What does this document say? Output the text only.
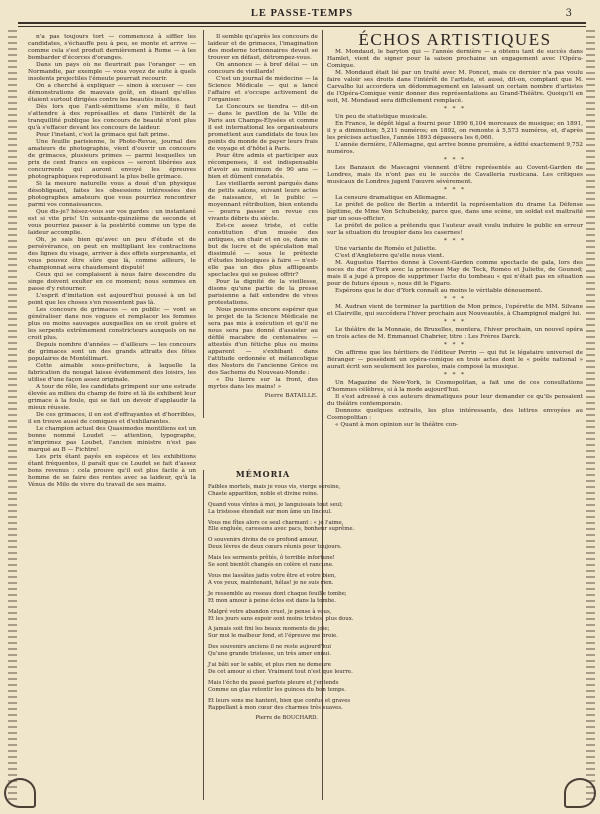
LE PASSE-TEMPS	3

n'a pas toujours tort — commencez à siffler les candidates, s'échauffe peu à peu, se monte et arrive — comme cela s'est produit dernièrement à Rome — à les bombarder d'écorces d'oranges.

Dans un pays où ne fleurirait pas l'oranger — en Normandie, par exemple — vous voyez de suite à quels insolents projectiles l'émeute pourrait recourir.

On a cherché à expliquer — sinon à excuser — ces démonstrations de mauvais goût, en disant qu'elles étaient surtout dirigées contre les beautés insolites.

Dès lors que l'anti-sémitisme s'en mêle, il faut s'attendre à des représailles et dans l'intérêt de la tranquillité publique les concours de beauté n'ont plus qu'à s'effacer devant les concours de laideur.

Pour l'instant, c'est la grimace qui fait prime.

Une feuille parisienne, le Photo-Revue, journal des amateurs de photographie, vient d'ouvrir un concours de grimaces, plusieurs primes — parmi lesquelles un prix de cent francs en espèces — seront libérées aux concurrents qui auront envoyé les épreuves photographiques reproduisant la plus belle grimace.

Si la mesure naturelle vous a doué d'un physique désobligeant, faites les obsessions intéressées des photographes amateurs que vous pourriez rencontrer parmi vos connaissances.

Que dis-je? hésez-vous sur vos gardes : un instantané est si vite pris! Un soixante-quinzième de seconde et vous pourriez passer à la postérité comme un type de laideur accomplie.

Oh, je sais bien qu'avec un peu d'étude et de persévérance, on peut en multipliant les contractions des lignes du visage, arriver à des effets surprenants, et vous pouvez être sûre que là, comme ailleurs, le championnat sera chaudement disputé!

Ceux qui se complaisent à nous faire descendre du singe doivent exulter en ce moment; nous sommes en passe d'y retourner.

L'esprit d'imitation est aujourd'hui poussé à un tel point que les choses s'en ressentent pas là.

Les concours de grimaces — en public — vont se généraliser dans nos vogues et remplacer les femmes plus ou moins sauvages auxquelles on se croit guère et les serpents extrêmement constricteurs auxquels on ne croit plus.

Depuis nombre d'années — d'ailleurs — les concours de grimaces sont un des grands attraits des fêtes populaires de Montélimart.

Cette aimable sous-préfecture, à laquelle la fabrication du nougat laisse évidemment des loisirs, les utilise d'une façon assez originale.

A tour de rôle, les candidats grimpent sur une estrade élevée au milieu du champ de foire et là ils exhibent leur grimace à la foule, qui se fait un devoir d'applaudir la mieux réussie.

De ces grimaces, il en est d'effrayantes et d'horribles, il en trouve aussi de comiques et d'exhilarantes.

Le champion actuel des Quasimodos montiliens est un bonne nommé Loudet — attention, typographe, n'imprimez pas Loubet, l'ancien ministre n'est pas marqué au B — Fichtre!

Les prix étant payés en espèces et les exhibitions étant fréquentes, il paraît que ce Loudet se fait d'assez bons revenus : cela prouve qu'il est plus facile à un homme de se faire des rentes avec sa laideur, qu'à la Vénus de Milo de vivre du travail de ses mains.

Il semble qu'après les concours de laideur et de grimaces, l'imagination des moderne tortionnaires devait se trouver en défaut, détrompez-vous.

On annonce — à bref délai — un concours de vieillards!

C'est un journal de médecine — la Science Médicale — qui a lancé l'affaire et s'occupe activement de l'organiser.

Le Concours se tiendra — dit-on — dans le pavillon de la Ville de Paris aux Champs-Élysées et comme il est international les organisateurs promettent aux candidats de tous les points du monde de payer leurs frais de voyage et d'hôtel à Paris.

Pour être admis et participer aux récompenses, il est indispensable d'avoir au minimum de 90 ans — bien et dûment constatés.

Les vieillards seront parqués dans de petits salons, suivant leurs actes de naissance, et le public — moyennant rétribution, bien entendu — pourra passer en revue ces vivants débris du siècle.

Est-ce assez triste, et cette constitution d'un musée des antiques, en chair et en os, dans un but de lucre et de spéculation mal dissimulé — sous le prétexte d'études biologiques à faire — n'est-elle pas un des plus affligeants spectacles qui se puisse offrir?

Pour la dignité de la vieillesse, disons qu'une partie de la presse parisienne a fait entendre de vives protestations.

Nous pouvons encore espérer que le projet de la Science Médicale ne sera pas mis à exécution et qu'il ne nous sera pas donné d'assister au défilé macabre de centenaires — attestés d'un fétiche plus ou moins apparent — s'exhibant dans l'attitude ordonnée et mélancolique des Nestors de l'ancienne Grèce ou des Sachems du Nouveau-Monde :

« Du lierre sur la front, des myrtes dans les mains! »

Pierre BATAILLE.
MÉMORIA
Faibles mortels, mais je vous vis, vierge sereine,
Chaste apparition, noble et divine reine.
Quand vous vîntes à moi, je languissais tout seul;
La tristesse étendait sur mon âme un linceul.
Vous me fîtes alors ce seul charmant : « je l'aime,
Elle engluée, caressons avec pacs, bonheur suprême.
O souvenirs divins de ce profond amour,
Deux lèvres de deux cœurs réunis pour toujours.
Mais les serments prêtés, ô terrible infortune!
Se sont bientôt changés en colère et rancune.
Vous me lassâtes jadis votre être et votre bien,
A vos yeux, maintenant, hélas! je ne suis rien.
Je ressemble au roseau dont chaque feuille tombe;
Et mon amour à peine éclos est dans la tombe.
Malgré votre abandon cruel, je pense à vous,
Et les jours sans espoir sont moins tristes, plus doux.
A jamais soit fini les beaux moments de joie;
Sur moi le malheur fond, et l'épreuve me broie.
Des souvenirs anciens il ne reste aujourd'hui
Qu'une grande tristesse, un très amer ennui.
J'ai bâti sur le sable, et plus rien ne demeure
De cet amour si cher. Vraiment tout n'est que leurre.
Mais l'écho du passé parfois pleure et j'entends
Comme un glas retentir les guinces du bon temps.
Et leurs sons me hantent, bien que confus et graves
Rappellant à mon cœur des charmes très suaves.
Pierre de BOUCHARD.
ÉCHOS ARTISTIQUES

M. Mondaud, le baryton qui — l'année dernière — a obtenu tant de succès dans Hamlet, vient de signer pour la saison prochaine un engagement avec l'Opéra-Comique.

M. Mondaud était lié par un traité avec M. Poncet, mais ce dernier n'a pas voulu faire valoir ses droits dans l'intérêt de l'artiste, et aussi, dit-on, comptant que M. Carvalho lui accordera un dédommagement en laissant un certain nombre d'artistes de l'Opéra-Comique venir donner des représentations au Grand-Théâtre. Quoiqu'il en soit, M. Mondaud sera difficilement remplacé.

* * *

Un peu de statistique musicale.

En France, le dépôt légal a fourni pour 1890 6,104 morceaux de musique; en 1891, il y a diminution; 5,211 numéros; en 1892, on remonte à 5,573 numéros, et, d'après les précises actuelles, l'année 1893 dépassera les 6,060.

L'année dernière, l'Allemagne, qui arrive bonne première, a édité exactement 9,752 numéros.

* * *

Les Banzaux de Mascagni viennent d'être représentés au Covent-Garden de Londres, mais ils n'ont pas eu le succès de Cavalleria rusticana. Les critiques musicaux de Londres jugent l'œuvre sévèrement.

* * *

La censure dramatique en Allemagne.

Le préfet de police de Berlin a interdit la représentation du drame La Défense légitime, de Mme Von Schubeisky, parce que, dans une scène, un soldat est maltraité par un sous-officier.

Le préfet de police a prétendu que l'auteur avait voulu induire le public en erreur sur la situation du troupier dans les casernes!

* * *

Une variante de Roméo et Juliette.

C'est d'Angleterre qu'elle nous vient.

M. Augustus Harriss donne à Covent-Garden comme spectacle de gala, lors des noces du duc d'York avec la princesse May de Teck, Roméo et Juliette, de Gounod; mais il a jugé à propos de supprimer l'acte du tombeau « qui n'était pas en situation pour de futurs époux », nous dit le Figaro.

Espérons que le duc d'York connaît au moins le véritable dénouement.

* * *

M. Audran vient de terminer la partition de Mon prince, l'opérette de MM. Silvane et Clairville, qui succédera l'hiver prochain aux Nouveautés, à Champignol malgré lui.

* * *

Le théâtre de la Monnaie, de Bruxelles, montera, l'hiver prochain, un nouvel opéra en trois actes de M. Emmanuel Chabrier, titre : Les Frères Darck.

* * *

On affirme que les héritiers de l'éditeur Perrin — qui fut le légataire universel de Béranger — possèdent un opéra-comique en trois actes dont le « poète national » aurait écrit son seulement les paroles, mais composé la musique.

* * *

Un Magazine de New-York, le Cosmopolitan, a fait une de ces consultations d'hommes célèbres, si à la mode aujourd'hui.

Il s'est adressé à ces auteurs dramatiques pour leur demander ce qu'ils pensaient du théâtre contemporain.

Donnons quelques extraits, les plus intéressants, des lettres envoyées au Cosmopolitan :

« Quant à mon opinion sur le théâtre con-
